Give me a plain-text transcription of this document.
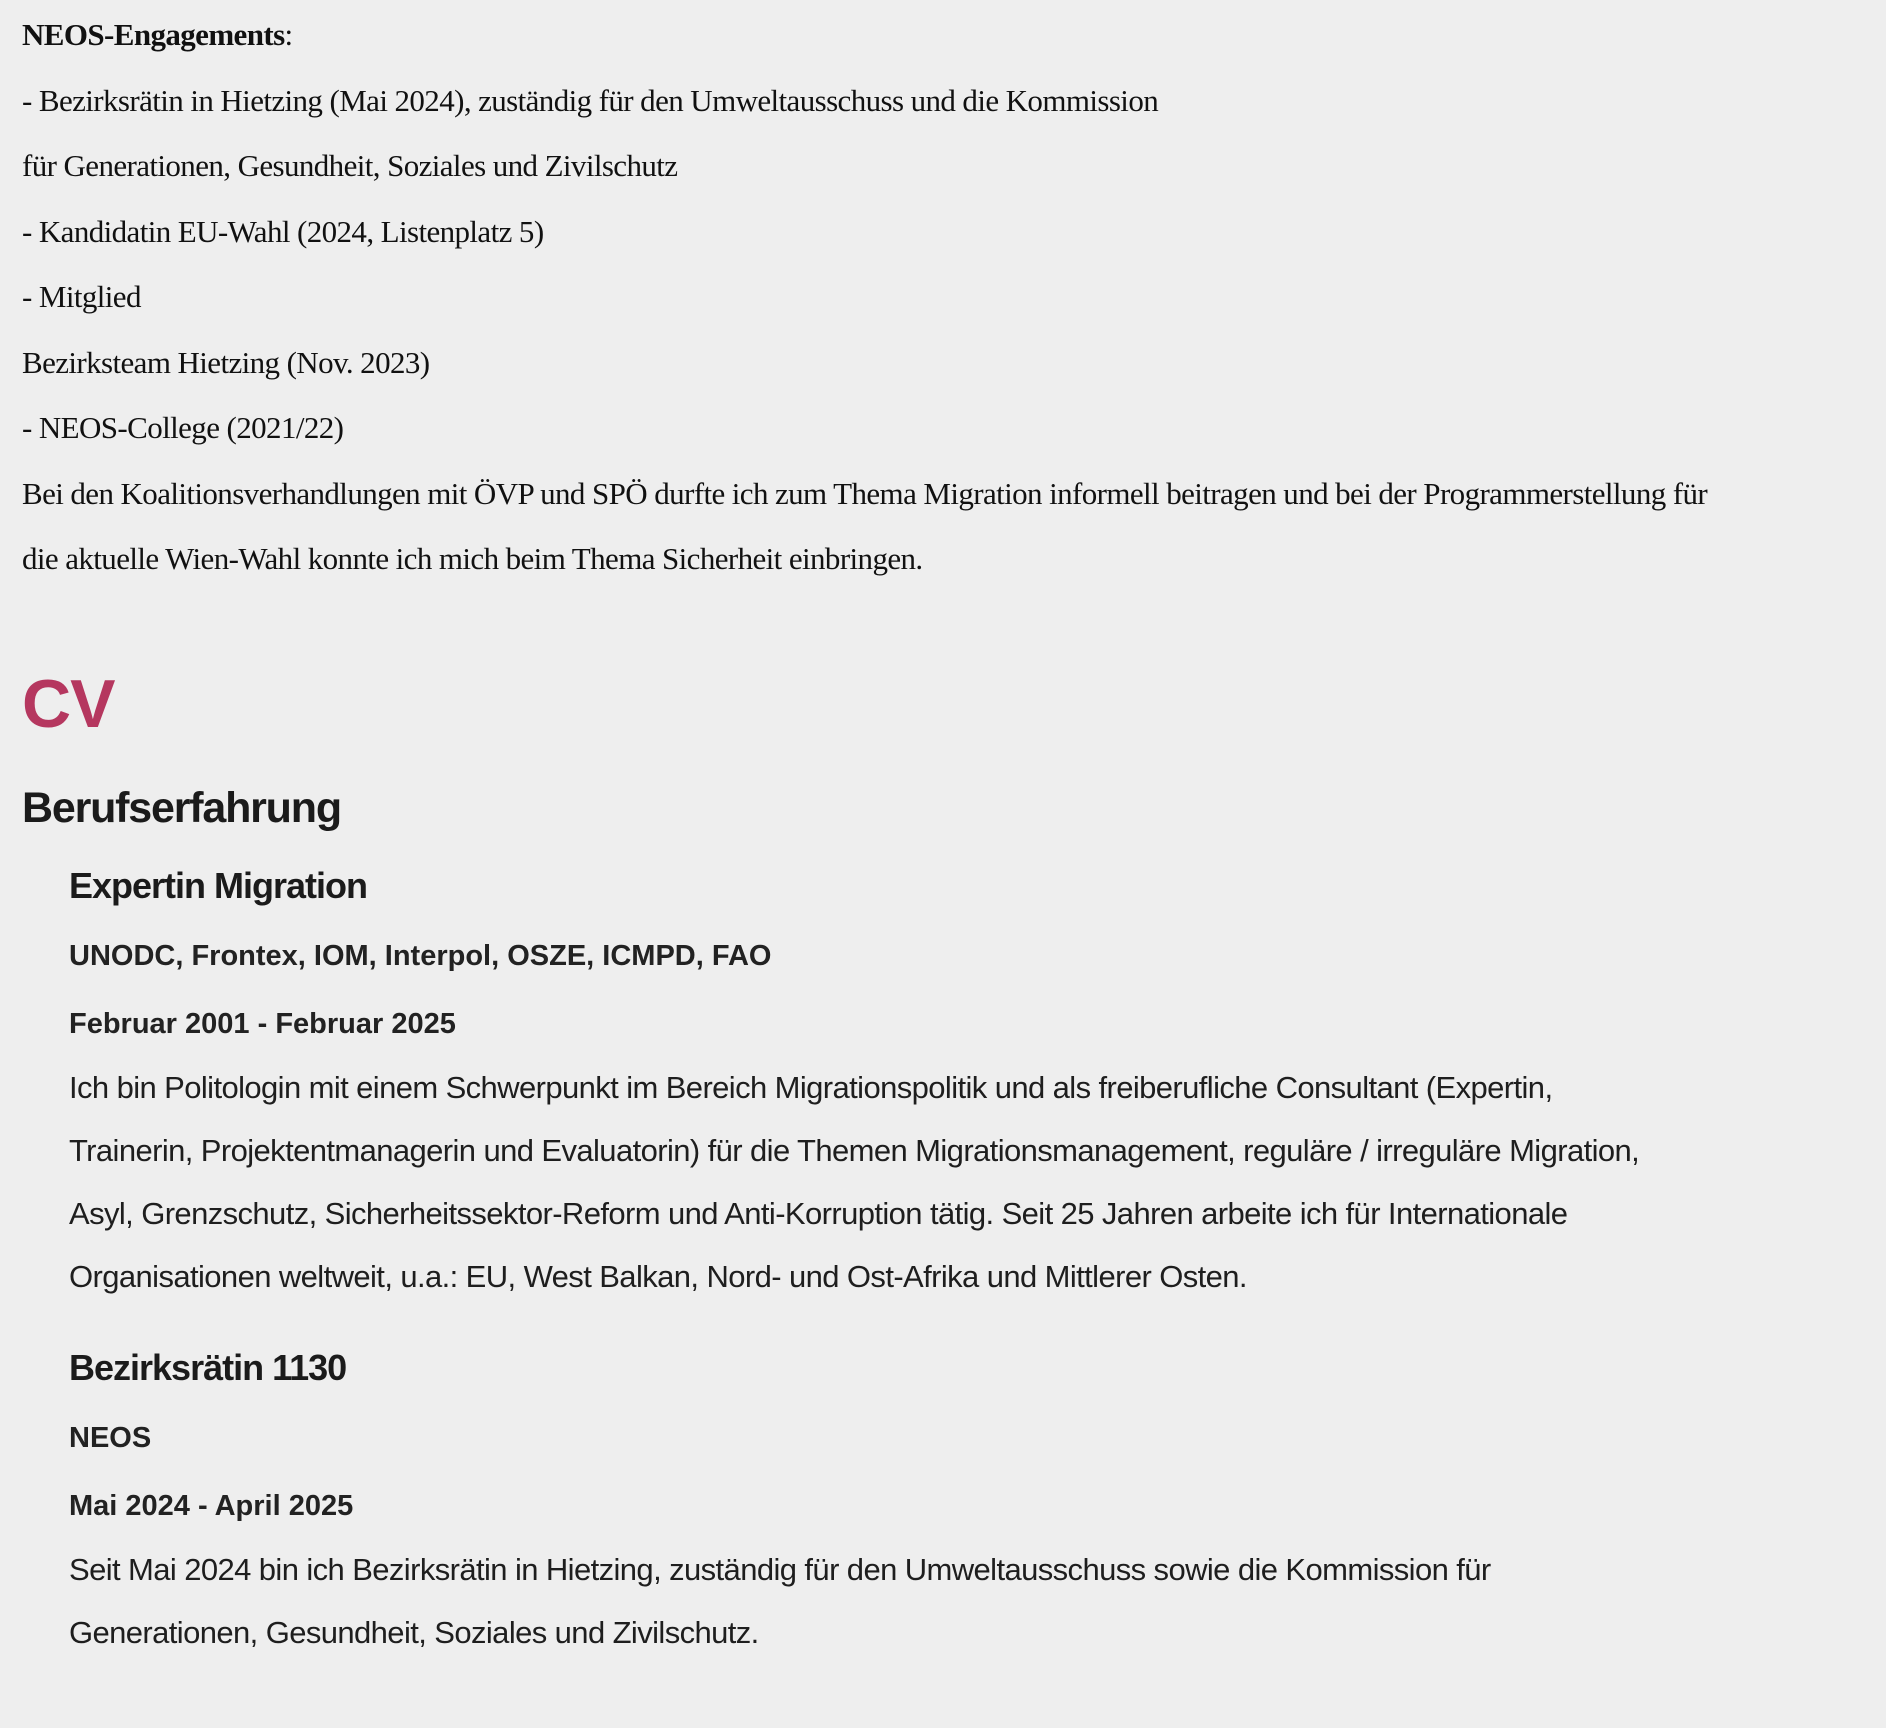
NEOS-Engagements:
- Bezirksrätin in Hietzing (Mai 2024), zuständig für den Umweltausschuss und die Kommission
für Generationen, Gesundheit, Soziales und Zivilschutz
- Kandidatin EU-Wahl (2024, Listenplatz 5)
- Mitglied
Bezirksteam Hietzing (Nov. 2023)
- NEOS-College (2021/22)
Bei den Koalitionsverhandlungen mit ÖVP und SPÖ durfte ich zum Thema Migration informell beitragen und bei der Programmerstellung für
die aktuelle Wien-Wahl konnte ich mich beim Thema Sicherheit einbringen.
CV
Berufserfahrung
Expertin Migration

UNODC, Frontex, IOM, Interpol, OSZE, ICMPD, FAO

Februar 2001 - Februar 2025

Ich bin Politologin mit einem Schwerpunkt im Bereich Migrationspolitik und als freiberufliche Consultant (Expertin,
Trainerin, Projektentmanagerin und Evaluatorin) für die Themen Migrationsmanagement, reguläre / irreguläre Migration,
Asyl, Grenzschutz, Sicherheitssektor-Reform und Anti-Korruption tätig. Seit 25 Jahren arbeite ich für Internationale
Organisationen weltweit, u.a.: EU, West Balkan, Nord- und Ost-Afrika und Mittlerer Osten.

Bezirksrätin 1130

NEOS

Mai 2024 - April 2025

Seit Mai 2024 bin ich Bezirksrätin in Hietzing, zuständig für den Umweltausschuss sowie die Kommission für
Generationen, Gesundheit, Soziales und Zivilschutz.
